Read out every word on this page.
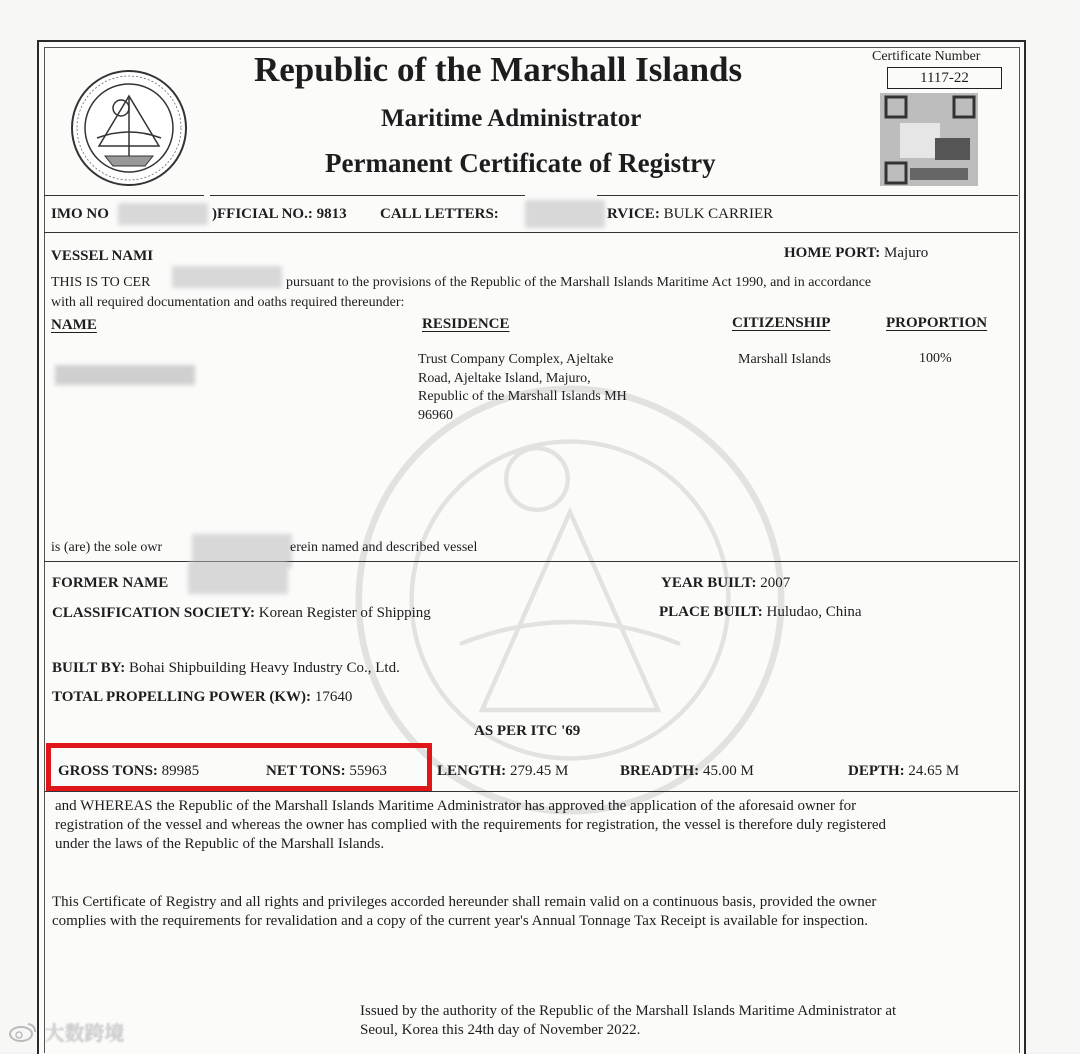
Republic of the Marshall Islands
Maritime Administrator
Permanent Certificate of Registry
Certificate Number
1117-22
IMO NO	)FFICIAL NO.: 9813 CALL LETTERS:	RVICE: BULK CARRIER
VESSEL NAMI	HOME PORT: Majuro
THIS IS TO CER	pursuant to the provisions of the Republic of the Marshall Islands Maritime Act 1990, and in accordance
with all required documentation and oaths required thereunder:
NAME	RESIDENCE	CITIZENSHIP	PROPORTION
Trust Company Complex, Ajeltake
Road, Ajeltake Island, Majuro,
Republic of the Marshall Islands MH
96960
Marshall Islands	100%
is (are) the sole owr	erein named and described vessel
FORMER NAME	YEAR BUILT: 2007
CLASSIFICATION SOCIETY: Korean Register of Shipping	PLACE BUILT: Huludao, China
BUILT BY: Bohai Shipbuilding Heavy Industry Co., Ltd.
TOTAL PROPELLING POWER (KW): 17640
AS PER ITC '69
GROSS TONS: 89985	NET TONS: 55963	LENGTH: 279.45 M	BREADTH: 45.00 M	DEPTH: 24.65 M
and WHEREAS the Republic of the Marshall Islands Maritime Administrator has approved the application of the aforesaid owner for
registration of the vessel and whereas the owner has complied with the requirements for registration, the vessel is therefore duly registered
under the laws of the Republic of the Marshall Islands.
This Certificate of Registry and all rights and privileges accorded hereunder shall remain valid on a continuous basis, provided the owner
complies with the requirements for revalidation and a copy of the current year's Annual Tonnage Tax Receipt is available for inspection.
Issued by the authority of the Republic of the Marshall Islands Maritime Administrator at
Seoul, Korea this 24th day of November 2022.
大数跨境
